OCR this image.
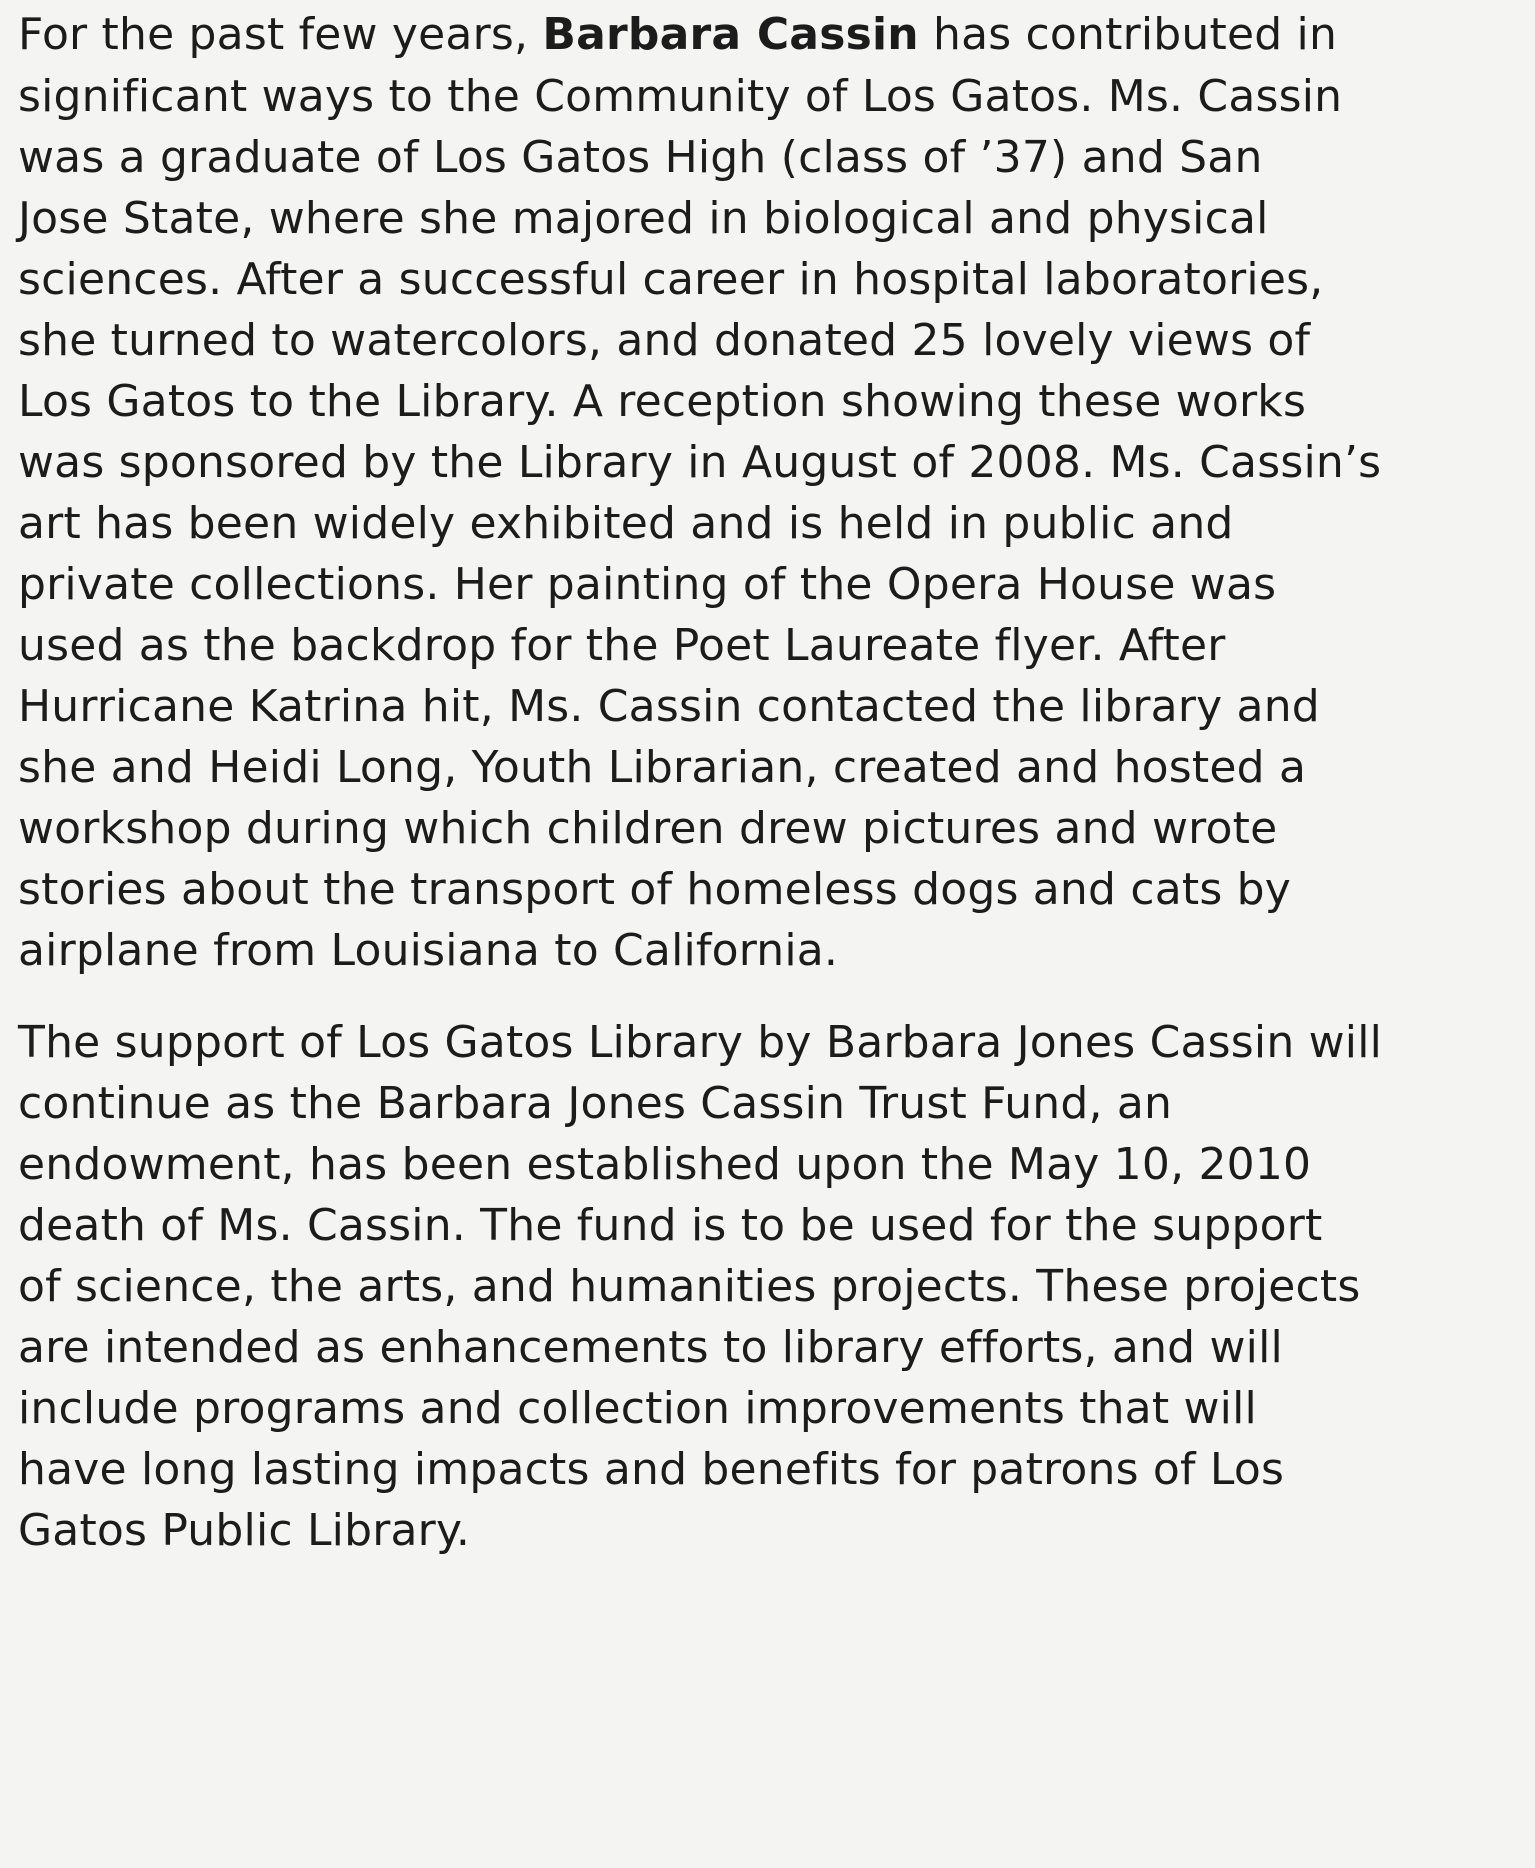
For the past few years, Barbara Cassin has contributed in
significant ways to the Community of Los Gatos. Ms. Cassin
was a graduate of Los Gatos High (class of ’37) and San
Jose State, where she majored in biological and physical
sciences. After a successful career in hospital laboratories,
she turned to watercolors, and donated 25 lovely views of
Los Gatos to the Library. A reception showing these works
was sponsored by the Library in August of 2008. Ms. Cassin’s
art has been widely exhibited and is held in public and
private collections. Her painting of the Opera House was
used as the backdrop for the Poet Laureate flyer. After
Hurricane Katrina hit, Ms. Cassin contacted the library and
she and Heidi Long, Youth Librarian, created and hosted a
workshop during which children drew pictures and wrote
stories about the transport of homeless dogs and cats by
airplane from Louisiana to California.
The support of Los Gatos Library by Barbara Jones Cassin will
continue as the Barbara Jones Cassin Trust Fund, an
endowment, has been established upon the May 10, 2010
death of Ms. Cassin. The fund is to be used for the support
of science, the arts, and humanities projects. These projects
are intended as enhancements to library efforts, and will
include programs and collection improvements that will
have long lasting impacts and benefits for patrons of Los
Gatos Public Library.
